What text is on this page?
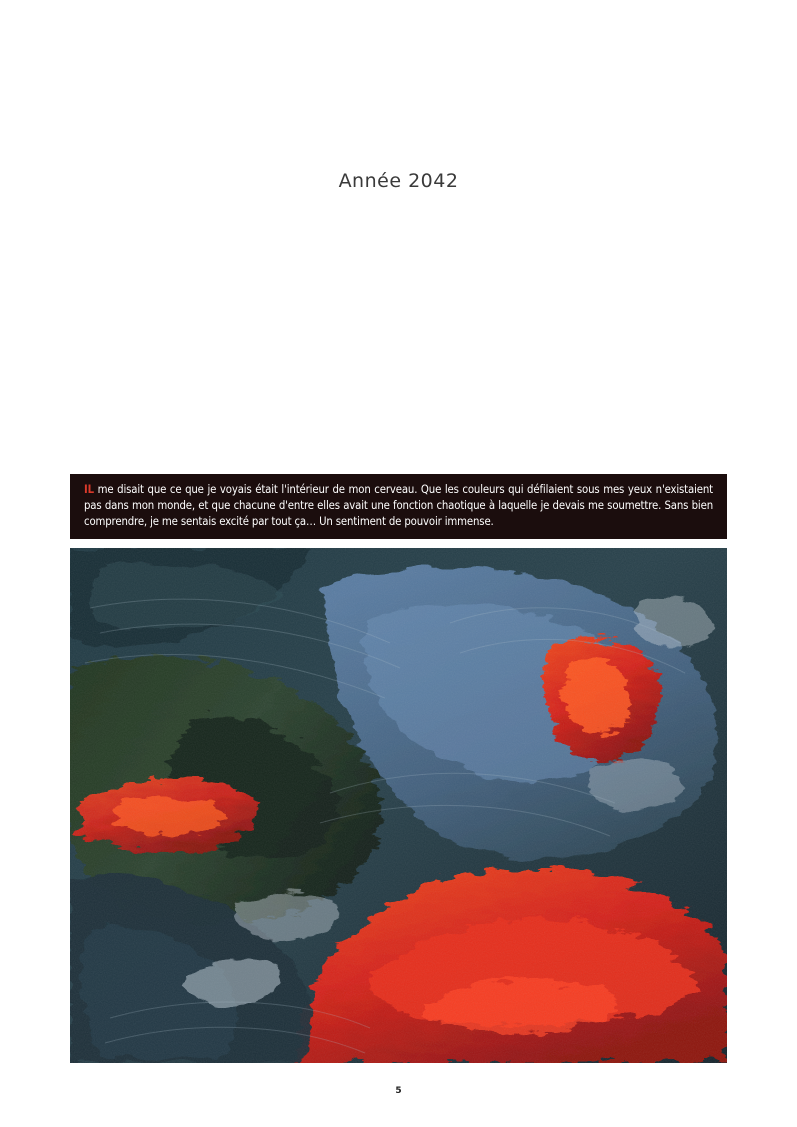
Année 2042
IL me disait que ce que je voyais était l'intérieur de mon cerveau. Que les couleurs qui défilaient sous mes yeux n'existaient pas dans mon monde, et que chacune d'entre elles avait une fonction chaotique à laquelle je devais me soumettre. Sans bien comprendre, je me sentais excité par tout ça… Un sentiment de pouvoir immense.
5
